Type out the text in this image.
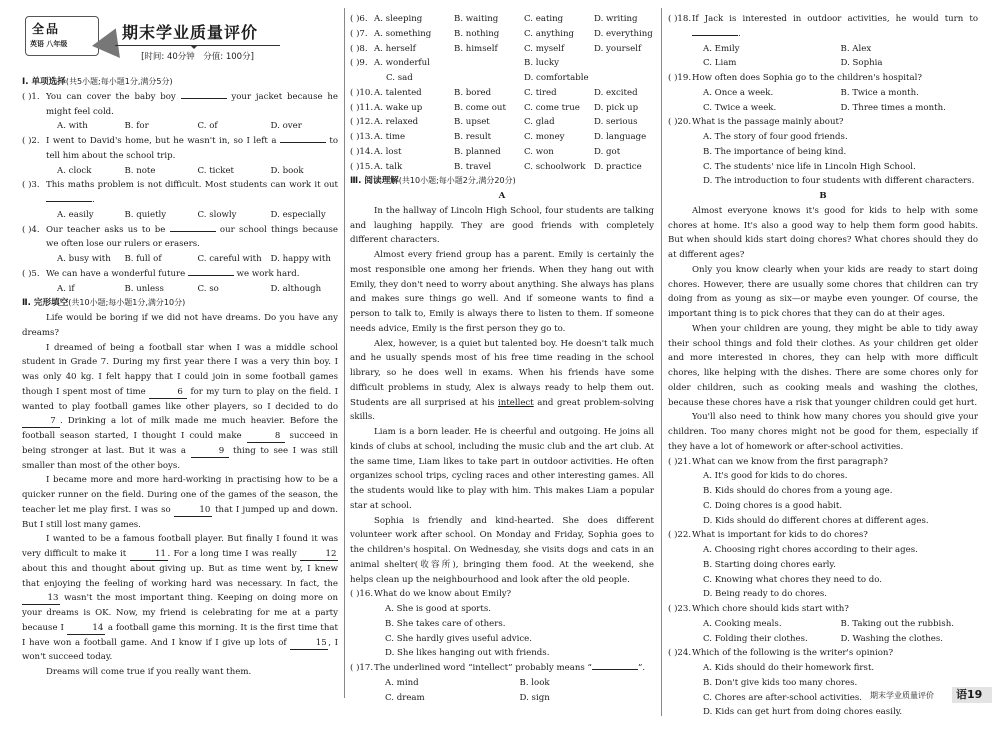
全品
英语 八年级
期末学业质量评价
[时间: 40分钟　分值: 100分]
Ⅰ. 单项选择(共5小题;每小题1分,满分5分)
( )1. You can cover the baby boy	your jacket because he might feel cold.
A. with	B. for	C. of	D. over
( )2. I went to David's home, but he wasn't in, so I left a	to tell him about the school trip.
A. clock	B. note	C. ticket	D. book
( )3. This maths problem is not difficult. Most students can work it out .
A. easily	B. quietly	C. slowly	D. especially
( )4. Our teacher asks us to be	our school things because we often lose our rulers or erasers.
A. busy with	B. full of	C. careful with	D. happy with
( )5. We can have a wonderful future	we work hard.
A. if	B. unless	C. so	D. although
Ⅱ. 完形填空(共10小题;每小题1分,满分10分)
Life would be boring if we did not have dreams. Do you have any dreams?
I dreamed of being a football star when I was a middle school student in Grade 7. During my first year there I was a very thin boy. I was only 40 kg. I felt happy that I could join in some football games though I spent most of time	6 for my turn to play on the field. I wanted to play football games like other players, so I decided to do 7 . Drinking a lot of milk made me much heavier. Before the football season started, I thought I could make	8 succeed in being stronger at last. But it was a	9 thing to see I was still smaller than most of the other boys.
I became more and more hard-working in practising how to be a quicker runner on the field. During one of the games of the season, the teacher let me play first. I was so	10 that I jumped up and down. But I still lost many games.
I wanted to be a famous football player. But finally I found it was very difficult to make it	11 . For a long time I was really	12 about this and thought about giving up. But as time went by, I knew that enjoying the feeling of working hard was necessary. In fact, the 13 wasn't the most important thing. Keeping on doing more on your dreams is OK. Now, my friend is celebrating for me at a party because I	14 a football game this morning. It is the first time that I have won a football game. And I know if I give up lots of	15 , I won't succeed today.
Dreams will come true if you really want them.
( )6. A. sleeping	B. waiting	C. eating	D. writing
( )7. A. something	B. nothing	C. anything	D. everything
( )8. A. herself	B. himself	C. myself	D. yourself
( )9. A. wonderful	B. lucky
C. sad	D. comfortable
( )10. A. talented	B. bored	C. tired	D. excited
( )11. A. wake up	B. come out	C. come true	D. pick up
( )12. A. relaxed	B. upset	C. glad	D. serious
( )13. A. time	B. result	C. money	D. language
( )14. A. lost	B. planned	C. won	D. got
( )15. A. talk	B. travel	C. schoolwork D. practice
Ⅲ. 阅读理解(共10小题;每小题2分,满分20分)
A
In the hallway of Lincoln High School, four students are talking and laughing happily. They are good friends with completely different characters.
Almost every friend group has a parent. Emily is certainly the most responsible one among her friends. When they hang out with Emily, they don't need to worry about anything. She always has plans and makes sure things go well. And if someone wants to find a person to talk to, Emily is always there to listen to them. If someone needs advice, Emily is the first person they go to.
Alex, however, is a quiet but talented boy. He doesn't talk much and he usually spends most of his free time reading in the school library, so he does well in exams. When his friends have some difficult problems in study, Alex is always ready to help them out. Students are all surprised at his intellect and great problem-solving skills.
Liam is a born leader. He is cheerful and outgoing. He joins all kinds of clubs at school, including the music club and the art club. At the same time, Liam likes to take part in outdoor activities. He often organizes school trips, cycling races and other interesting games. All the students would like to play with him. This makes Liam a popular star at school.
Sophia is friendly and kind-hearted. She does different volunteer work after school. On Monday and Friday, Sophia goes to the children's hospital. On Wednesday, she visits dogs and cats in an animal shelter(收容所), bringing them food. At the weekend, she helps clean up the neighbourhood and look after the old people.
( )16. What do we know about Emily?
A. She is good at sports.
B. She takes care of others.
C. She hardly gives useful advice.
D. She likes hanging out with friends.
( )17. The underlined word “intellect” probably means “	”.
A. mind	B. look
C. dream	D. sign
( )18. If Jack is interested in outdoor activities, he would turn to .
A. Emily	B. Alex
C. Liam	D. Sophia
( )19. How often does Sophia go to the children's hospital?
A. Once a week.	B. Twice a month.
C. Twice a week.	D. Three times a month.
( )20. What is the passage mainly about?
A. The story of four good friends.
B. The importance of being kind.
C. The students' nice life in Lincoln High School.
D. The introduction to four students with different characters.
B
Almost everyone knows it's good for kids to help with some chores at home. It's also a good way to help them form good habits. But when should kids start doing chores? What chores should they do at different ages?
Only you know clearly when your kids are ready to start doing chores. However, there are usually some chores that children can try doing from as young as six—or maybe even younger. Of course, the important thing is to pick chores that they can do at their ages.
When your children are young, they might be able to tidy away their school things and fold their clothes. As your children get older and more interested in chores, they can help with more difficult chores, like helping with the dishes. There are some chores only for older children, such as cooking meals and washing the clothes, because these chores have a risk that younger children could get hurt.
You'll also need to think how many chores you should give your children. Too many chores might not be good for them, especially if they have a lot of homework or after-school activities.
( )21. What can we know from the first paragraph?
A. It's good for kids to do chores.
B. Kids should do chores from a young age.
C. Doing chores is a good habit.
D. Kids should do different chores at different ages.
( )22. What is important for kids to do chores?
A. Choosing right chores according to their ages.
B. Starting doing chores early.
C. Knowing what chores they need to do.
D. Being ready to do chores.
( )23. Which chore should kids start with?
A. Cooking meals.	B. Taking out the rubbish.
C. Folding their clothes.	D. Washing the clothes.
( )24. Which of the following is the writer's opinion?
A. Kids should do their homework first.
B. Don't give kids too many chores.
C. Chores are after-school activities.
D. Kids can get hurt from doing chores easily.
期末学业质量评价	语19
